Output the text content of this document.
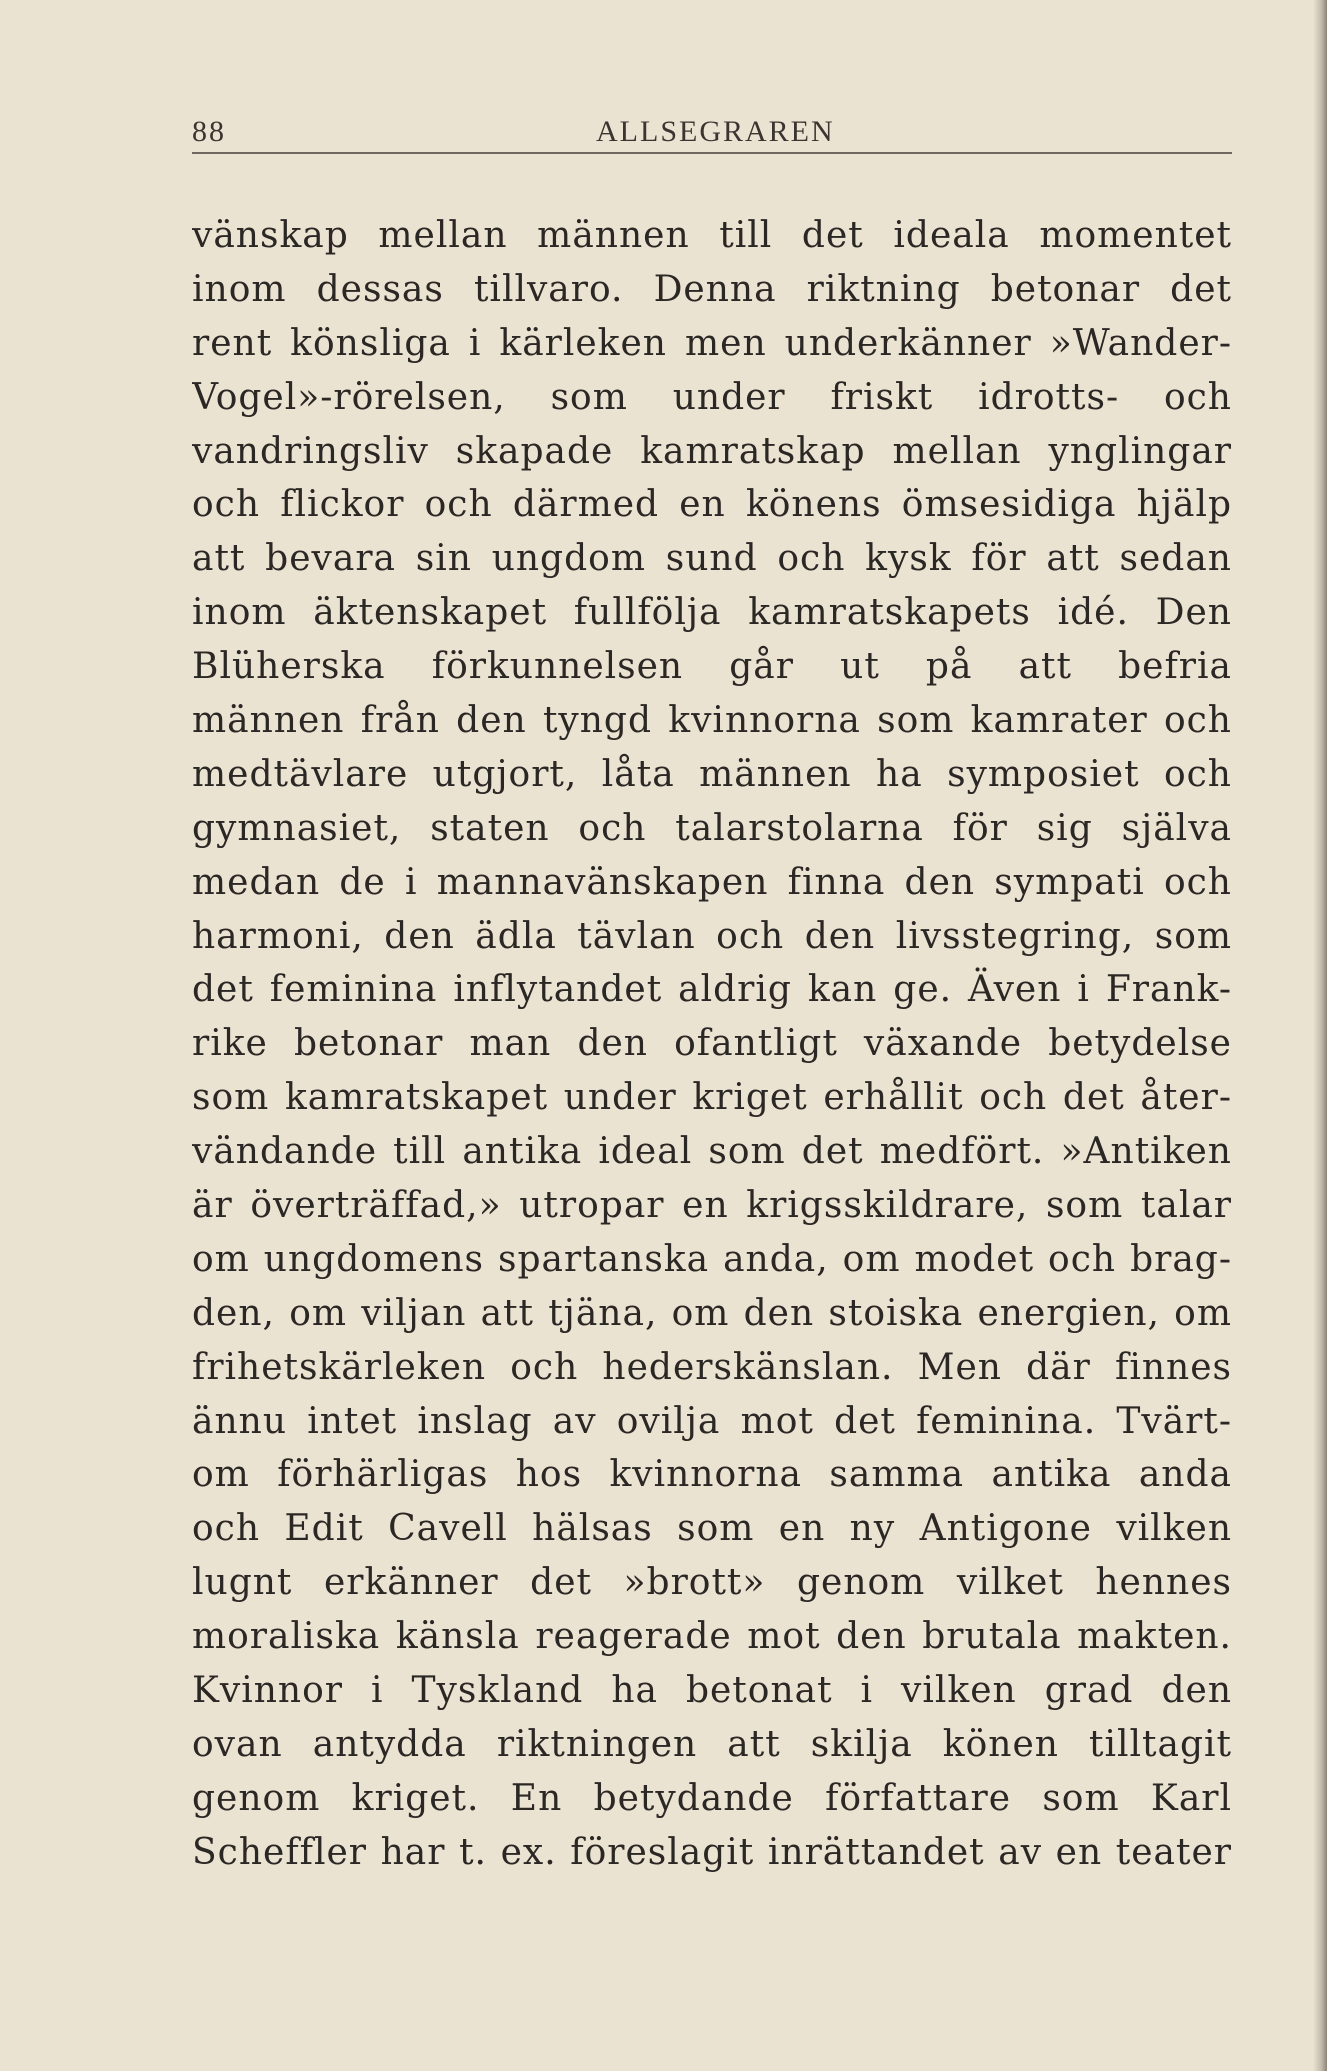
88	ALLSEGRAREN
vänskap mellan männen till det ideala momentet
inom dessas tillvaro. Denna riktning betonar det
rent könsliga i kärleken men underkänner »Wander-
Vogel»-rörelsen, som under friskt idrotts- och
vandringsliv skapade kamratskap mellan ynglingar
och flickor och därmed en könens ömsesidiga hjälp
att bevara sin ungdom sund och kysk för att sedan
inom äktenskapet fullfölja kamratskapets idé. Den
Blüherska förkunnelsen går ut på att befria
männen från den tyngd kvinnorna som kamrater och
medtävlare utgjort, låta männen ha symposiet och
gymnasiet, staten och talarstolarna för sig själva
medan de i mannavänskapen finna den sympati och
harmoni, den ädla tävlan och den livsstegring, som
det feminina inflytandet aldrig kan ge. Även i Frank-
rike betonar man den ofantligt växande betydelse
som kamratskapet under kriget erhållit och det åter-
vändande till antika ideal som det medfört. »Antiken
är överträffad,» utropar en krigsskildrare, som talar
om ungdomens spartanska anda, om modet och brag-
den, om viljan att tjäna, om den stoiska energien, om
frihetskärleken och hederskänslan. Men där finnes
ännu intet inslag av ovilja mot det feminina. Tvärt-
om förhärligas hos kvinnorna samma antika anda
och Edit Cavell hälsas som en ny Antigone vilken
lugnt erkänner det »brott» genom vilket hennes
moraliska känsla reagerade mot den brutala makten.
Kvinnor i Tyskland ha betonat i vilken grad den
ovan antydda riktningen att skilja könen tilltagit
genom kriget. En betydande författare som Karl
Scheffler har t. ex. föreslagit inrättandet av en teater
